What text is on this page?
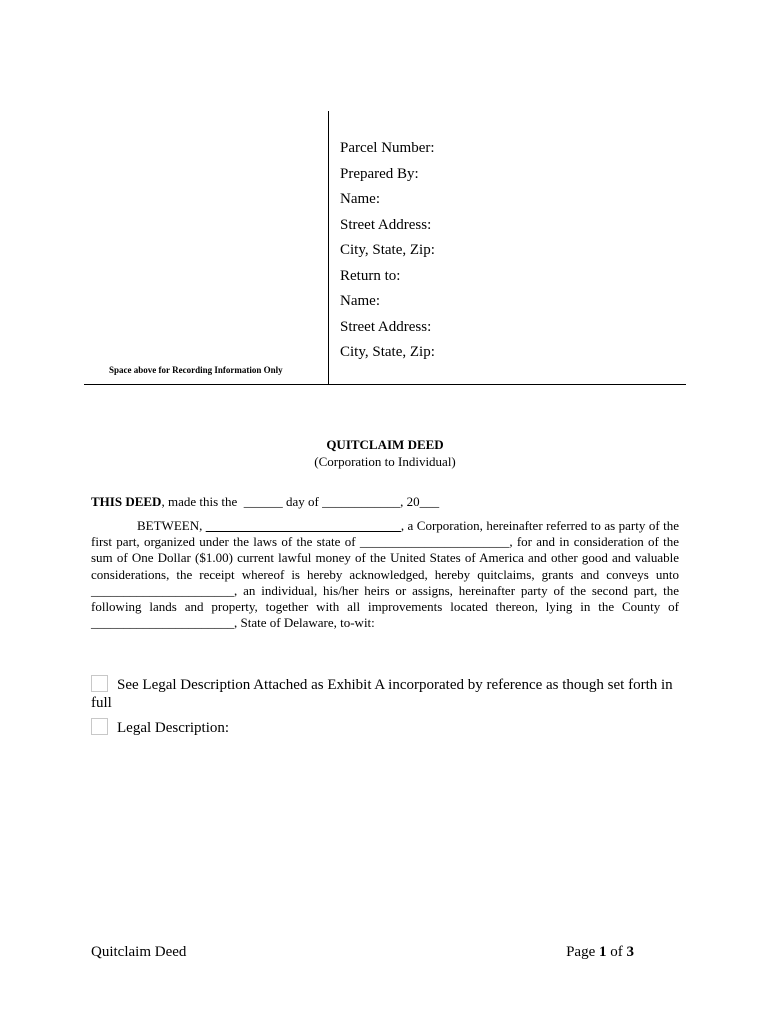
Parcel Number:
Prepared By:
Name:
Street Address:
City, State, Zip:
Return to:
Name:
Street Address:
City, State, Zip:
Space above for Recording Information Only
QUITCLAIM DEED
(Corporation to Individual)
THIS DEED, made this the  ______ day of ____________, 20___
BETWEEN, ______________________________, a Corporation, hereinafter referred to as party of the first part, organized under the laws of the state of _______________________, for and in consideration of the sum of One Dollar ($1.00) current lawful money of the United States of America and other good and valuable considerations, the receipt whereof is hereby acknowledged, hereby quitclaims, grants and conveys unto ______________________, an individual, his/her heirs or assigns, hereinafter party of the second part, the following lands and property, together with all improvements located thereon, lying in the County of ______________________, State of Delaware, to-wit:
See Legal Description Attached as Exhibit A incorporated by reference as though set forth in full
Legal Description:
Quitclaim Deed	Page 1 of 3
